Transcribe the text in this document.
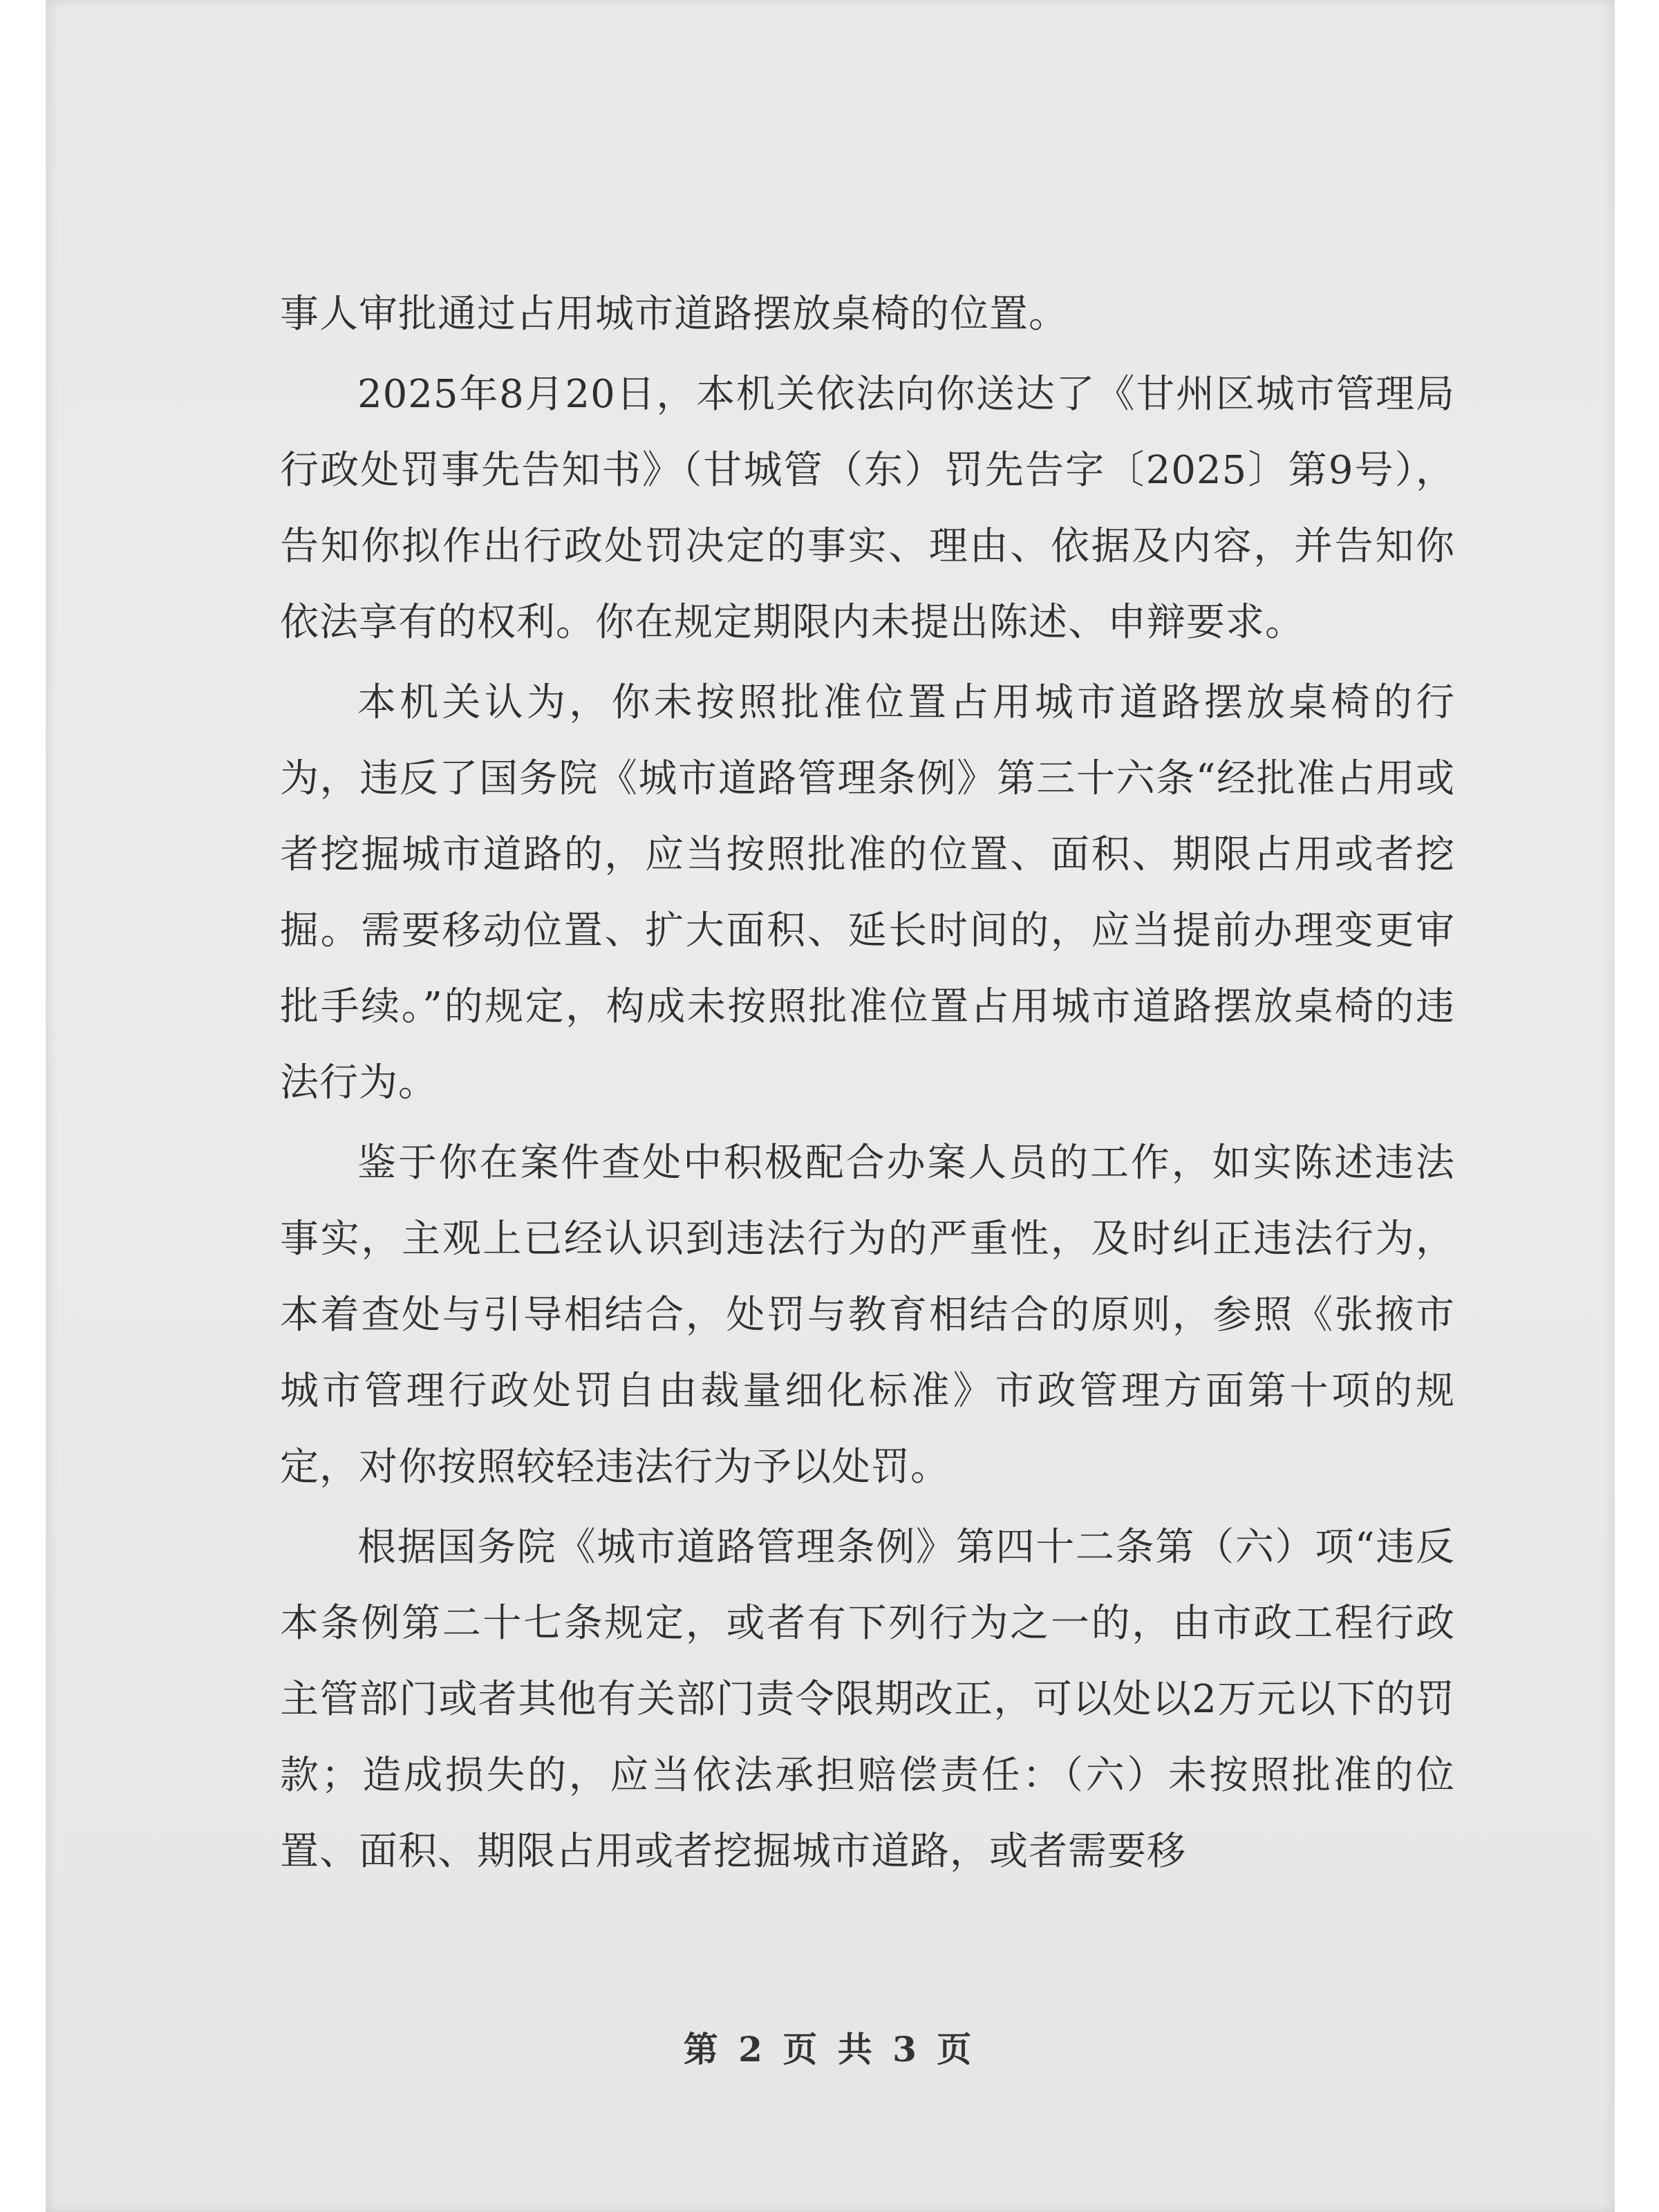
事人审批通过占用城市道路摆放桌椅的位置。

2025年8月20日，本机关依法向你送达了《甘州区城市管理局行政处罚事先告知书》（甘城管（东）罚先告字〔2025〕第9号），告知你拟作出行政处罚决定的事实、理由、依据及内容，并告知你依法享有的权利。你在规定期限内未提出陈述、申辩要求。

本机关认为，你未按照批准位置占用城市道路摆放桌椅的行为，违反了国务院《城市道路管理条例》第三十六条“经批准占用或者挖掘城市道路的，应当按照批准的位置、面积、期限占用或者挖掘。需要移动位置、扩大面积、延长时间的，应当提前办理变更审批手续。”的规定，构成未按照批准位置占用城市道路摆放桌椅的违法行为。

鉴于你在案件查处中积极配合办案人员的工作，如实陈述违法事实，主观上已经认识到违法行为的严重性，及时纠正违法行为，本着查处与引导相结合，处罚与教育相结合的原则，参照《张掖市城市管理行政处罚自由裁量细化标准》市政管理方面第十项的规定，对你按照较轻违法行为予以处罚。

根据国务院《城市道路管理条例》第四十二条第（六）项“违反本条例第二十七条规定，或者有下列行为之一的，由市政工程行政主管部门或者其他有关部门责令限期改正，可以处以2万元以下的罚款；造成损失的，应当依法承担赔偿责任：（六）未按照批准的位置、面积、期限占用或者挖掘城市道路，或者需要移

第 2 页 共 3 页
